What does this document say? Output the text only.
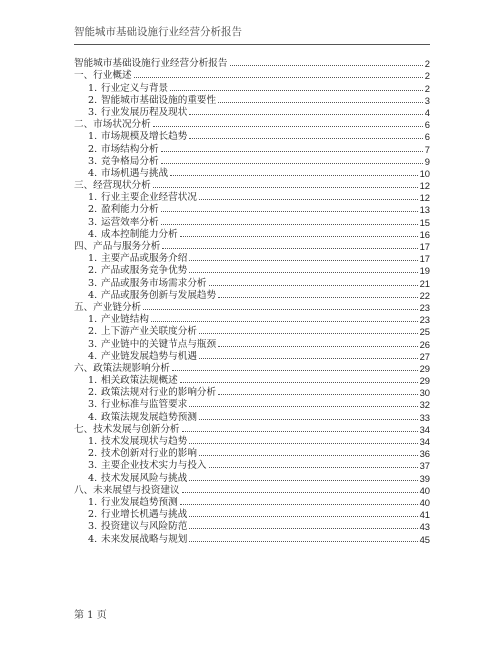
智能城市基础设施行业经营分析报告
智能城市基础设施行业经营分析报告	2
一、行业概述	2
1. 行业定义与背景	2
2. 智能城市基础设施的重要性	3
3. 行业发展历程及现状	4
二、市场状况分析	6
1. 市场规模及增长趋势	6
2. 市场结构分析	7
3. 竞争格局分析	9
4. 市场机遇与挑战	10
三、经营现状分析	12
1. 行业主要企业经营状况	12
2. 盈利能力分析	13
3. 运营效率分析	15
4. 成本控制能力分析	16
四、产品与服务分析	17
1. 主要产品或服务介绍	17
2. 产品或服务竞争优势	19
3. 产品或服务市场需求分析	21
4. 产品或服务创新与发展趋势	22
五、产业链分析	23
1. 产业链结构	23
2. 上下游产业关联度分析	25
3. 产业链中的关键节点与瓶颈	26
4. 产业链发展趋势与机遇	27
六、政策法规影响分析	29
1. 相关政策法规概述	29
2. 政策法规对行业的影响分析	30
3. 行业标准与监管要求	32
4. 政策法规发展趋势预测	33
七、技术发展与创新分析	34
1. 技术发展现状与趋势	34
2. 技术创新对行业的影响	36
3. 主要企业技术实力与投入	37
4. 技术发展风险与挑战	39
八、未来展望与投资建议	40
1. 行业发展趋势预测	40
2. 行业增长机遇与挑战	41
3. 投资建议与风险防范	43
4. 未来发展战略与规划	45
第 1 页
